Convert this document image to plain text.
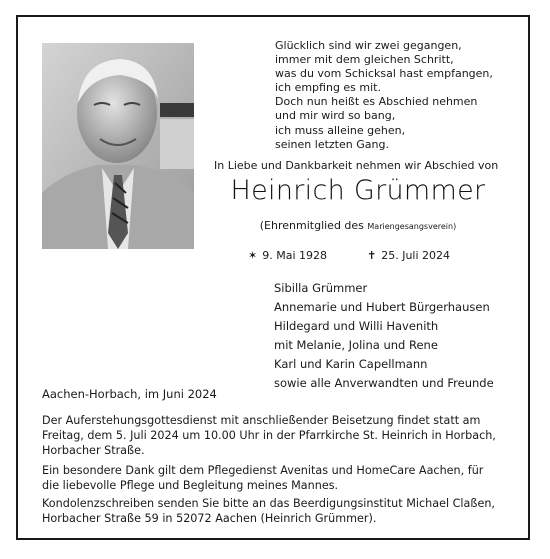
Glücklich sind wir zwei gegangen,
immer mit dem gleichen Schritt,
was du vom Schicksal hast empfangen,
ich empfing es mit.
Doch nun heißt es Abschied nehmen
und mir wird so bang,
ich muss alleine gehen,
seinen letzten Gang.
In Liebe und Dankbarkeit nehmen wir Abschied von
Heinrich Grümmer
(Ehrenmitglied des Mariengesangsverein)
✶ 9. Mai 1928	✝ 25. Juli 2024
Sibilla Grümmer
Annemarie und Hubert Bürgerhausen
Hildegard und Willi Havenith
mit Melanie, Jolina und Rene
Karl und Karin Capellmann
sowie alle Anverwandten und Freunde
Aachen-Horbach, im Juni 2024
Der Auferstehungsgottesdienst mit anschließender Beisetzung findet statt am
Freitag, dem 5. Juli 2024 um 10.00 Uhr in der Pfarrkirche St. Heinrich in Horbach,
Horbacher Straße.
Ein besondere Dank gilt dem Pflegedienst Avenitas und HomeCare Aachen, für
die liebevolle Pflege und Begleitung meines Mannes.
Kondolenzschreiben senden Sie bitte an das Beerdigungsinstitut Michael Claßen,
Horbacher Straße 59 in 52072 Aachen (Heinrich Grümmer).
